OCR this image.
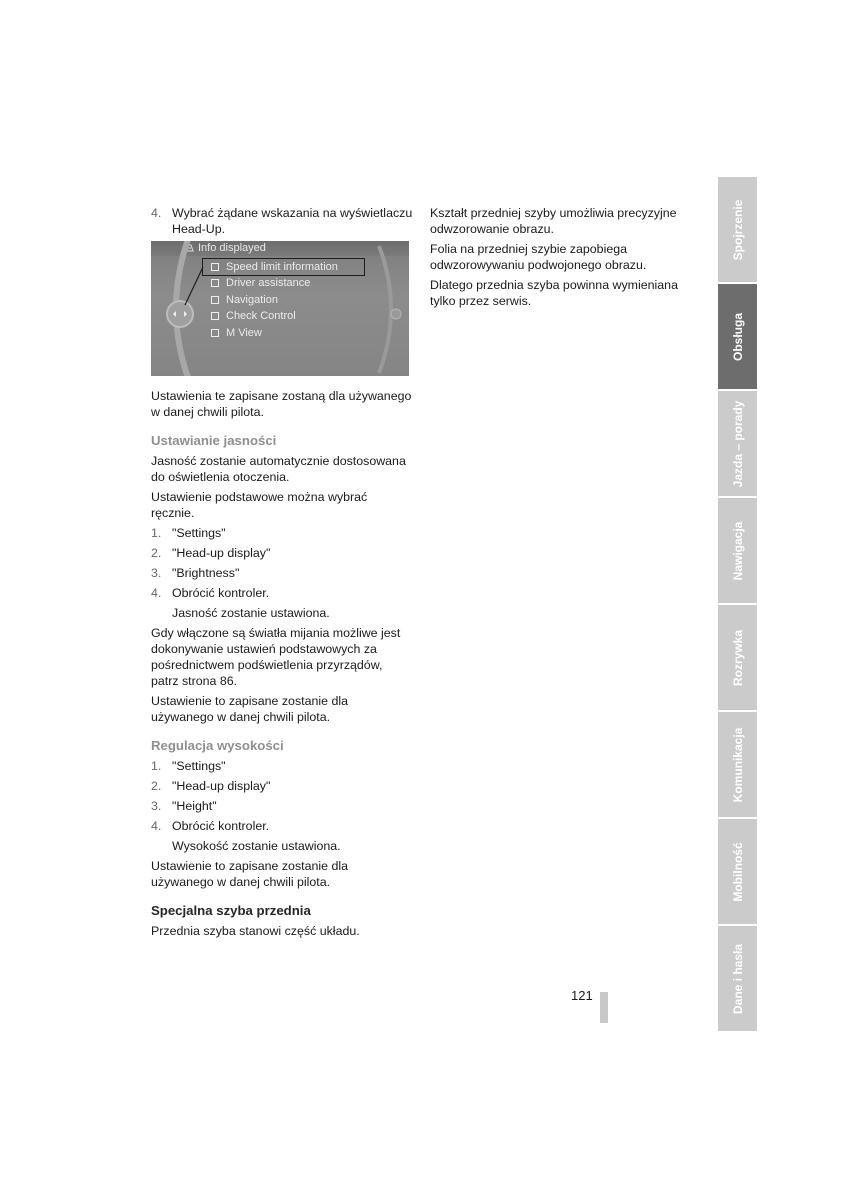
4. Wybrać żądane wskazania na wyświetlaczu Head-Up.
Info displayed
Speed limit information
Driver assistance
Navigation
Check Control
M View

Ustawienia te zapisane zostaną dla używanego w danej chwili pilota.

Ustawianie jasności

Jasność zostanie automatycznie dostosowana do oświetlenia otoczenia.

Ustawienie podstawowe można wybrać ręcznie.

1. "Settings"
2. "Head-up display"
3. "Brightness"
4. Obrócić kontroler.
Jasność zostanie ustawiona.

Gdy włączone są światła mijania możliwe jest dokonywanie ustawień podstawowych za pośrednictwem podświetlenia przyrządów, patrz strona 86.

Ustawienie to zapisane zostanie dla używanego w danej chwili pilota.

Regulacja wysokości
1. "Settings"
2. "Head-up display"
3. "Height"
4. Obrócić kontroler.
Wysokość zostanie ustawiona.

Ustawienie to zapisane zostanie dla używanego w danej chwili pilota.

Specjalna szyba przednia

Przednia szyba stanowi część układu.

Kształt przedniej szyby umożliwia precyzyjne odwzorowanie obrazu.

Folia na przedniej szybie zapobiega odwzorowywaniu podwojonego obrazu.

Dlatego przednia szyba powinna wymieniana tylko przez serwis.

121
Spojrzenie
Obsługa
Jazda – porady
Nawigacja
Rozrywka
Komunikacja
Mobilność
Dane i hasła
